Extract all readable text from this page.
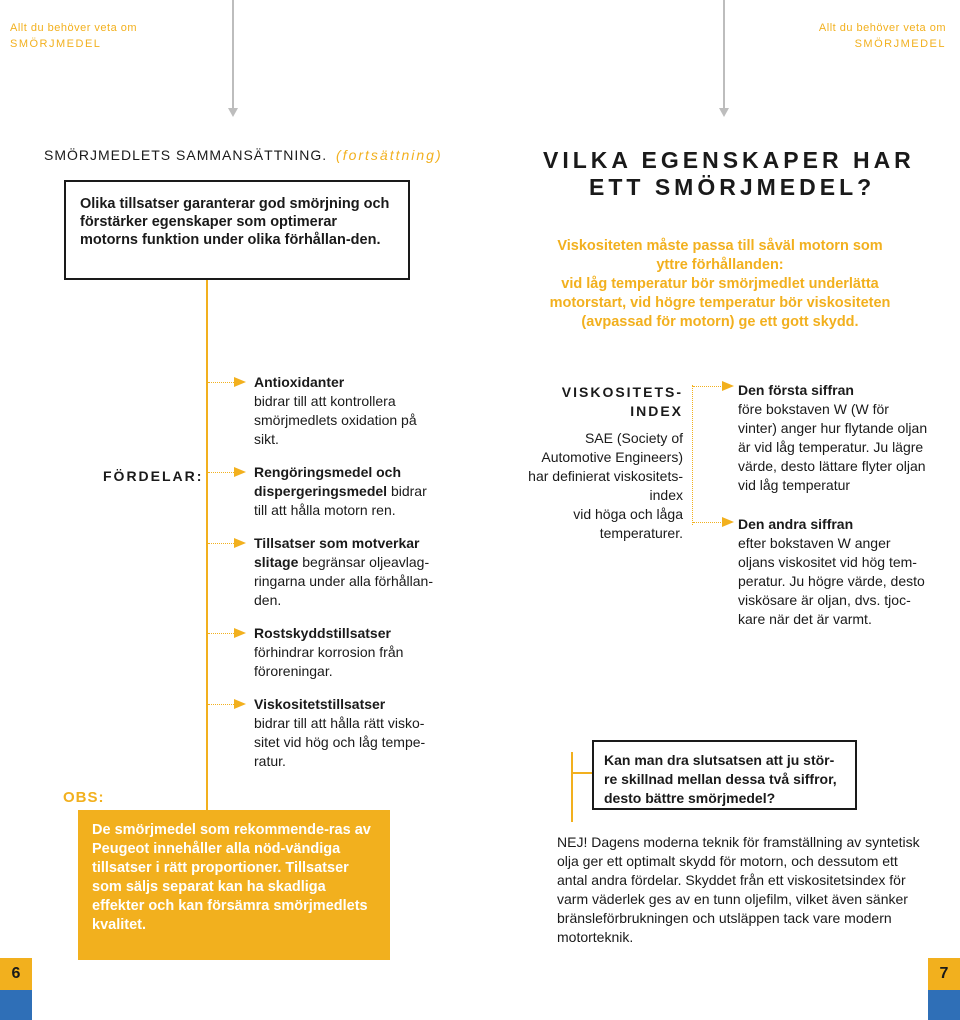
Allt du behöver veta om
SMÖRJMEDEL
Allt du behöver veta om
SMÖRJMEDEL
SMÖRJMEDLETS SAMMANSÄTTNING. (fortsättning)
Olika tillsatser garanterar god smörjning och förstärker egenskaper som optimerar motorns funktion under olika förhållan-den.
FÖRDELAR:
Antioxidanter
bidrar till att kontrollera
smörjmedlets oxidation på
sikt.
Rengöringsmedel och
dispergeringsmedel bidrar
till att hålla motorn ren.
Tillsatser som motverkar
slitage begränsar oljeavlag-
ringarna under alla förhållan-
den.
Rostskyddstillsatser
förhindrar korrosion från
föroreningar.
Viskositetstillsatser
bidrar till att hålla rätt visko-
sitet vid hög och låg tempe-
ratur.
OBS:
De smörjmedel som rekommende-ras av Peugeot innehåller alla nöd-vändiga tillsatser i rätt proportioner. Tillsatser som säljs separat kan ha skadliga effekter och kan försämra smörjmedlets kvalitet.
VILKA EGENSKAPER HAR
ETT SMÖRJMEDEL?
Viskositeten måste passa till såväl motorn som
yttre förhållanden:
vid låg temperatur bör smörjmedlet underlätta
motorstart, vid högre temperatur bör viskositeten
(avpassad för motorn) ge ett gott skydd.
VISKOSITETS-
INDEX
SAE (Society of
Automotive Engineers)
har definierat viskositets-
index
vid höga och låga
temperaturer.
Den första siffran
före bokstaven W (W för
vinter) anger hur flytande oljan
är vid låg temperatur. Ju lägre
värde, desto lättare flyter oljan
vid låg temperatur
Den andra siffran
efter bokstaven W anger
oljans viskositet vid hög tem-
peratur. Ju högre värde, desto
viskösare är oljan, dvs. tjoc-
kare när det är varmt.
Kan man dra slutsatsen att ju stör-
re skillnad mellan dessa två siffror,
desto bättre smörjmedel?
NEJ! Dagens moderna teknik för framställning av syntetisk
olja ger ett optimalt skydd för motorn, och dessutom ett
antal andra fördelar. Skyddet från ett viskositetsindex för
varm väderlek ges av en tunn oljefilm, vilket även sänker
bränsleförbrukningen och utsläppen tack vare modern
motorteknik.
6	7
